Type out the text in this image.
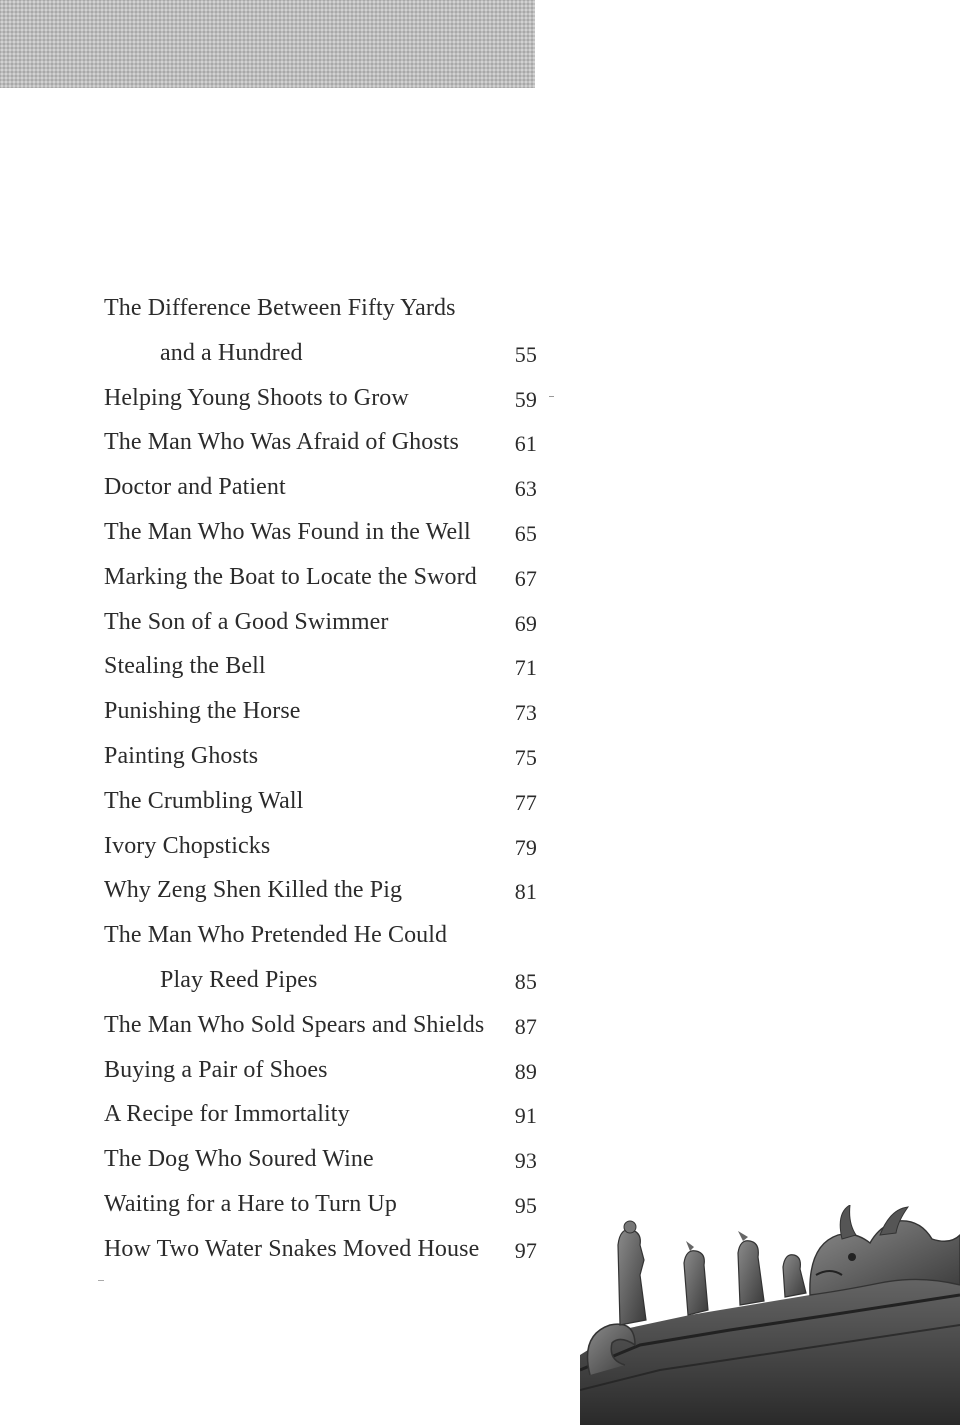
The Difference Between Fifty Yards
and a Hundred	55
Helping Young Shoots to Grow	59
The Man Who Was Afraid of Ghosts	61
Doctor and Patient	63
The Man Who Was Found in the Well 65
Marking the Boat to Locate the Sword 67
The Son of a Good Swimmer	69
Stealing the Bell	71
Punishing the Horse	73
Painting Ghosts	75
The Crumbling Wall	77
Ivory Chopsticks	79
Why Zeng Shen Killed the Pig	81
The Man Who Pretended He Could
Play Reed Pipes	85
The Man Who Sold Spears and Shields 87
Buying a Pair of Shoes	89
A Recipe for Immortality	91
The Dog Who Soured Wine	93
Waiting for a Hare to Turn Up	95
How Two Water Snakes Moved House 97
